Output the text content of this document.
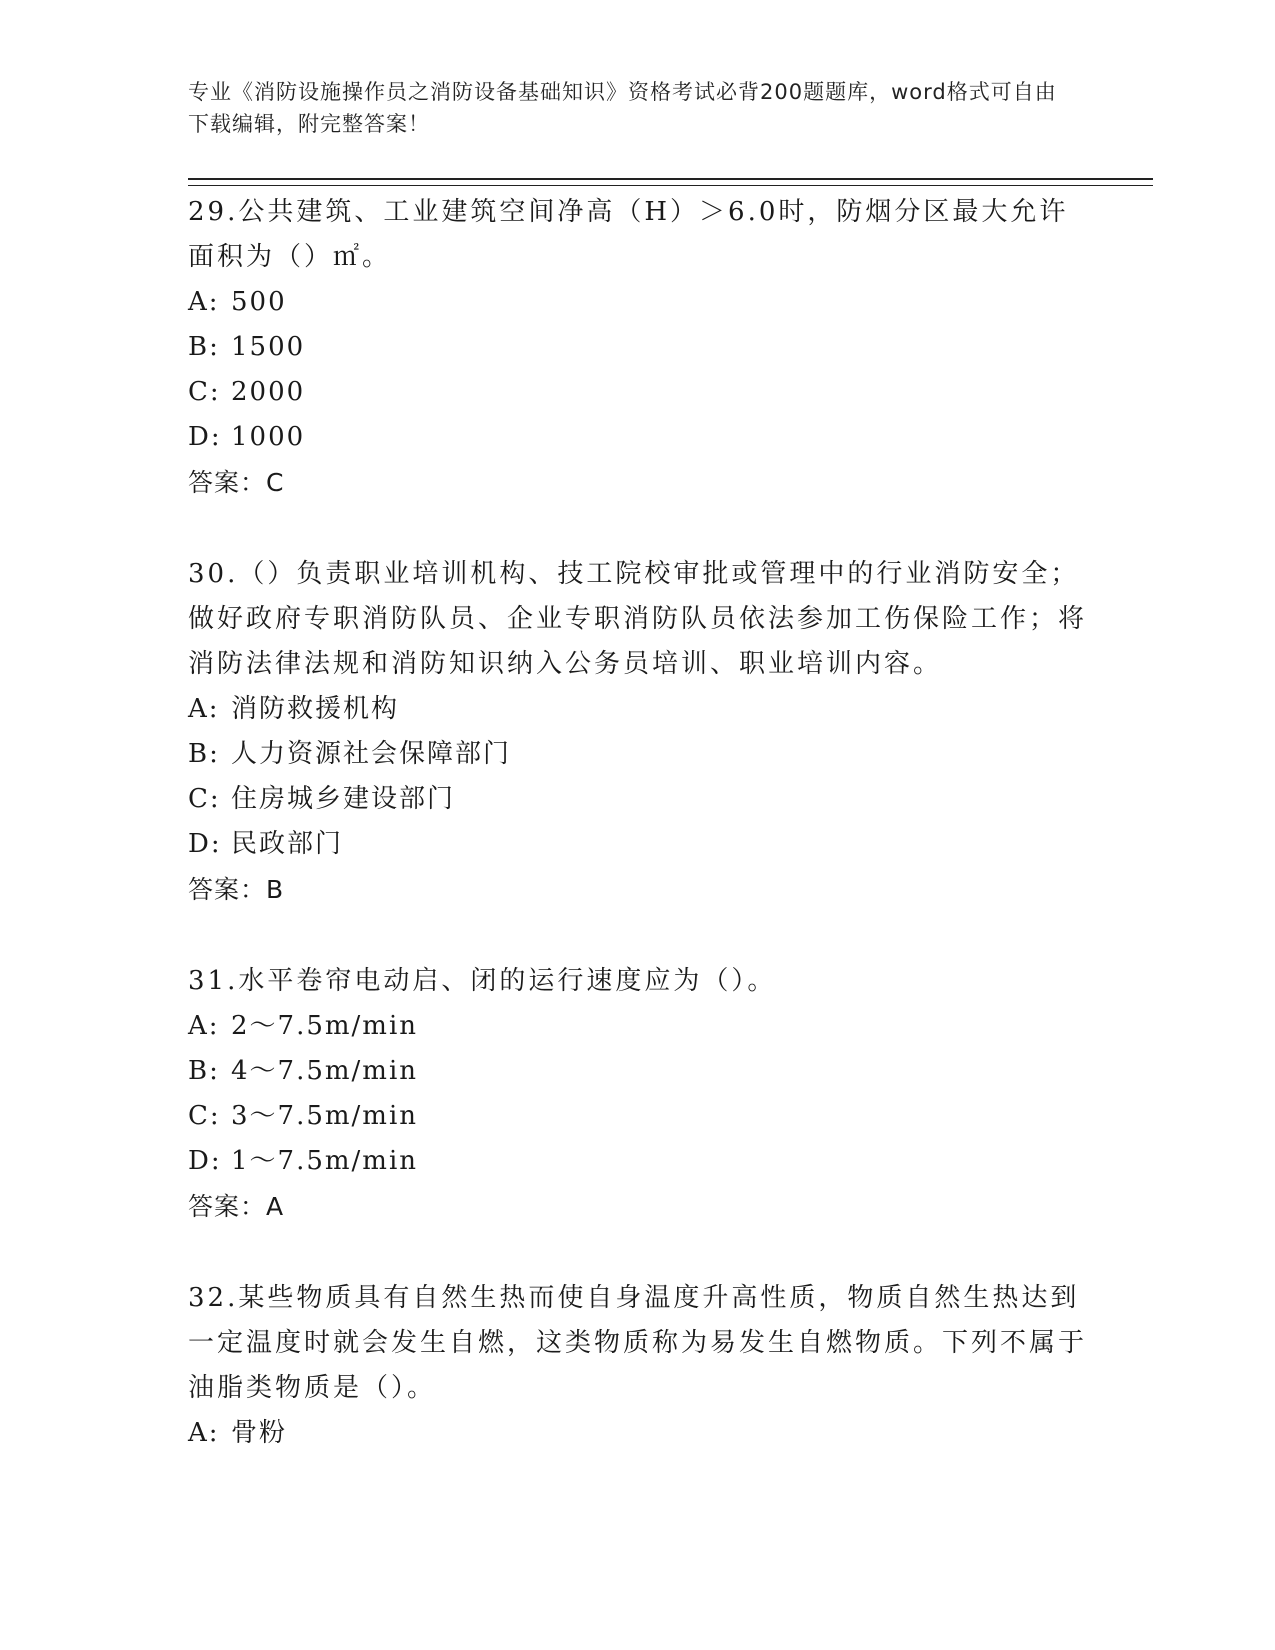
专业《消防设施操作员之消防设备基础知识》资格考试必背200题题库，word格式可自由下载编辑，附完整答案！

29.公共建筑、工业建筑空间净高（H）＞6.0时，防烟分区最大允许面积为（）㎡。

A: 500

B: 1500

C: 2000

D: 1000

答案：C

30.（）负责职业培训机构、技工院校审批或管理中的行业消防安全；做好政府专职消防队员、企业专职消防队员依法参加工伤保险工作；将消防法律法规和消防知识纳入公务员培训、职业培训内容。

A: 消防救援机构

B: 人力资源社会保障部门

C: 住房城乡建设部门

D: 民政部门

答案：B

31.水平卷帘电动启、闭的运行速度应为（）。

A: 2～7.5m/min

B: 4～7.5m/min

C: 3～7.5m/min

D: 1～7.5m/min

答案：A

32.某些物质具有自然生热而使自身温度升高性质，物质自然生热达到一定温度时就会发生自燃，这类物质称为易发生自燃物质。下列不属于油脂类物质是（）。

A: 骨粉
